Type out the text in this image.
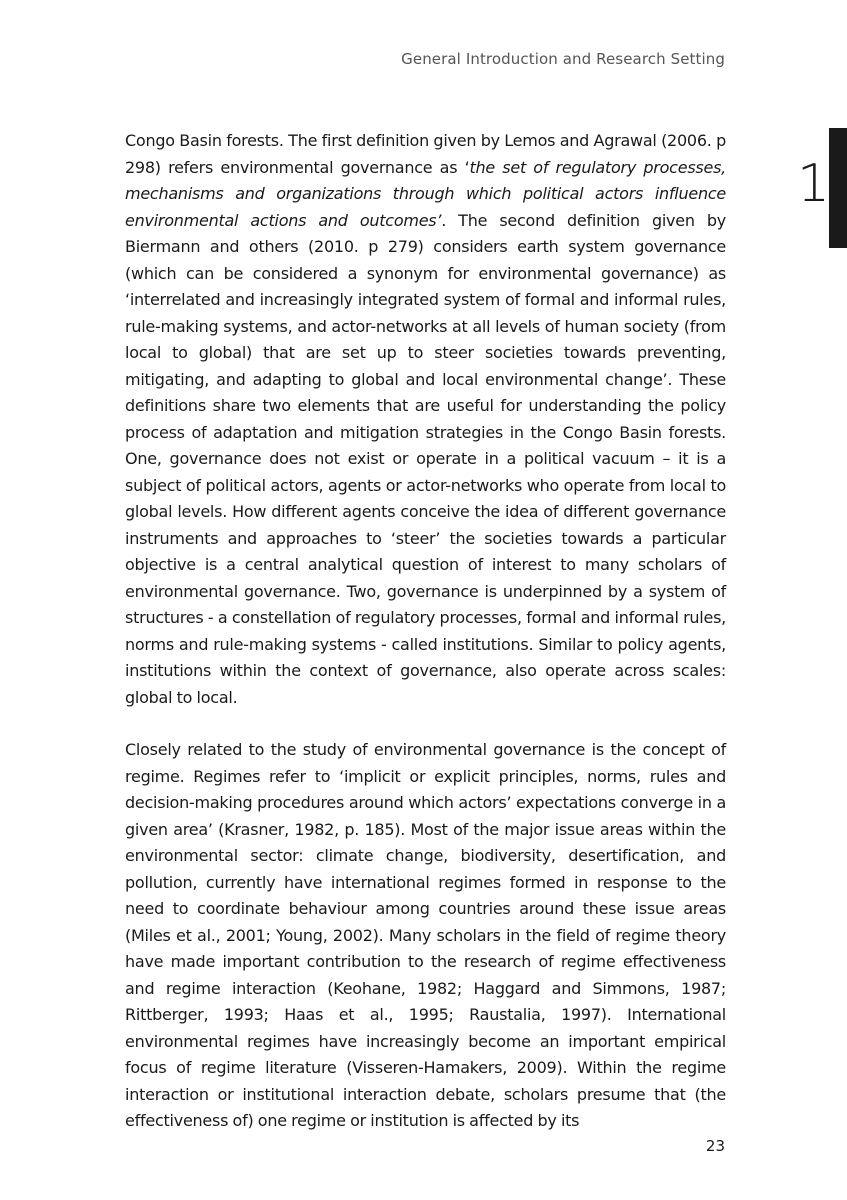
General Introduction and Research Setting
1

Congo Basin forests. The first definition given by Lemos and Agrawal (2006. p 298) refers environmental governance as ‘the set of regulatory processes, mechanisms and organizations through which political actors influence environmental actions and outcomes’. The second definition given by Biermann and others (2010. p 279) considers earth system governance (which can be considered a synonym for environmental governance) as ‘interrelated and increasingly integrated system of formal and informal rules, rule-making systems, and actor-networks at all levels of human society (from local to global) that are set up to steer societies towards preventing, mitigating, and adapting to global and local environmental change’. These definitions share two elements that are useful for understanding the policy process of adaptation and mitigation strategies in the Congo Basin forests. One, governance does not exist or operate in a political vacuum – it is a subject of political actors, agents or actor-networks who operate from local to global levels. How different agents conceive the idea of different governance instruments and approaches to ‘steer’ the societies towards a particular objective is a central analytical question of interest to many scholars of environmental governance. Two, governance is underpinned by a system of structures - a constellation of regulatory processes, formal and informal rules, norms and rule-making systems - called institutions. Similar to policy agents, institutions within the context of governance, also operate across scales: global to local.

Closely related to the study of environmental governance is the concept of regime. Regimes refer to ‘implicit or explicit principles, norms, rules and decision-making procedures around which actors’ expectations converge in a given area’ (Krasner, 1982, p. 185). Most of the major issue areas within the environmental sector: climate change, biodiversity, desertification, and pollution, currently have international regimes formed in response to the need to coordinate behaviour among countries around these issue areas (Miles et al., 2001; Young, 2002). Many scholars in the field of regime theory have made important contribution to the research of regime effectiveness and regime interaction (Keohane, 1982; Haggard and Simmons, 1987; Rittberger, 1993; Haas et al., 1995; Raustalia, 1997). International environmental regimes have increasingly become an important empirical focus of regime literature (Visseren-Hamakers, 2009). Within the regime interaction or institutional interaction debate, scholars presume that (the effectiveness of) one regime or institution is affected by its

23
